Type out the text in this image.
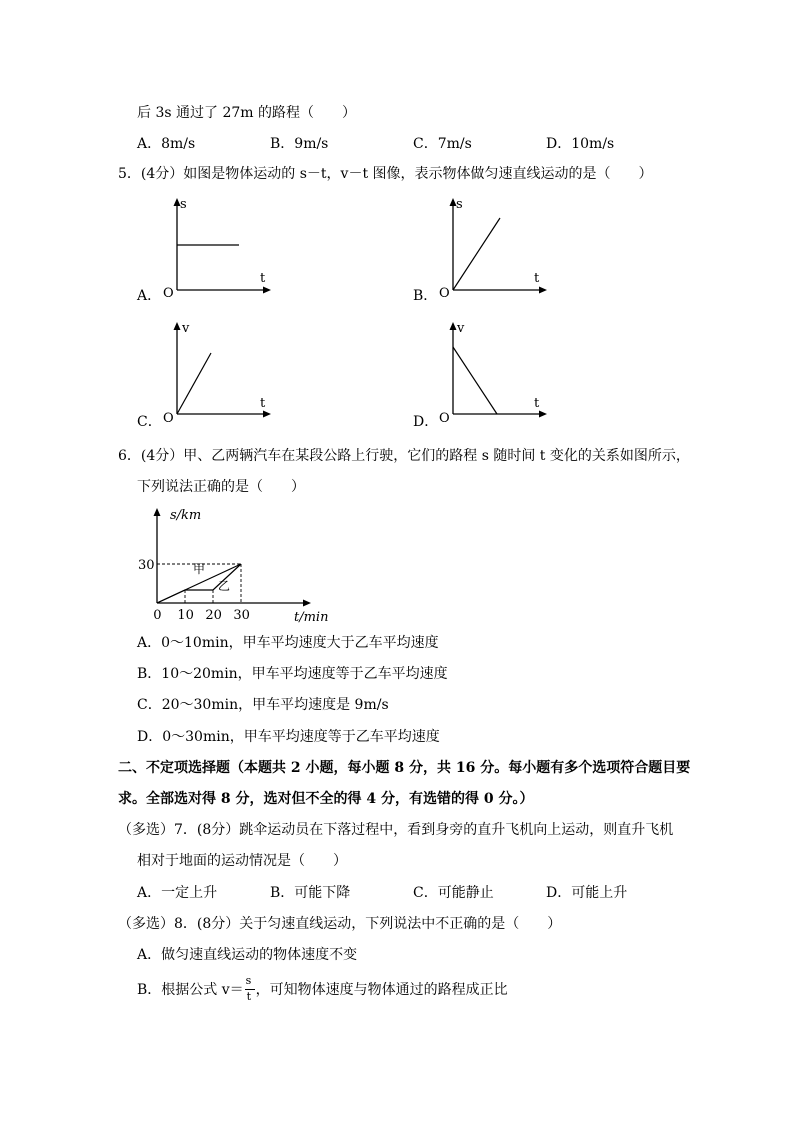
后 3s 通过了 27m 的路程（　　）
A．8m/s	B．9m/s	C．7m/s	D．10m/s
5．(4分）如图是物体运动的 s－t，v－t 图像，表示物体做匀速直线运动的是（　　）
s
t
O
A．
s
t
O
B．
v
t
O
C．
v
t
O
D．
6．(4分）甲、乙两辆汽车在某段公路上行驶，它们的路程 s 随时间 t 变化的关系如图所示，
下列说法正确的是（　　）
0 10 20 30
30
s/km
t/min
甲
乙
A．0～10min，甲车平均速度大于乙车平均速度
B．10～20min，甲车平均速度等于乙车平均速度
C．20～30min，甲车平均速度是 9m/s
D．0～30min，甲车平均速度等于乙车平均速度
二、不定项选择题（本题共 2 小题，每小题 8 分，共 16 分。每小题有多个选项符合题目要
求。全部选对得 8 分，选对但不全的得 4 分，有选错的得 0 分。）
（多选）7．(8分）跳伞运动员在下落过程中，看到身旁的直升飞机向上运动，则直升飞机
相对于地面的运动情况是（　　）
A．一定上升	B．可能下降	C．可能静止	D．可能上升
（多选）8．(8分）关于匀速直线运动，下列说法中不正确的是（　　）
A．做匀速直线运动的物体速度不变
B．根据公式 $v= \frac{s}{t}$ ，可知物体速度与物体通过的路程成正比
